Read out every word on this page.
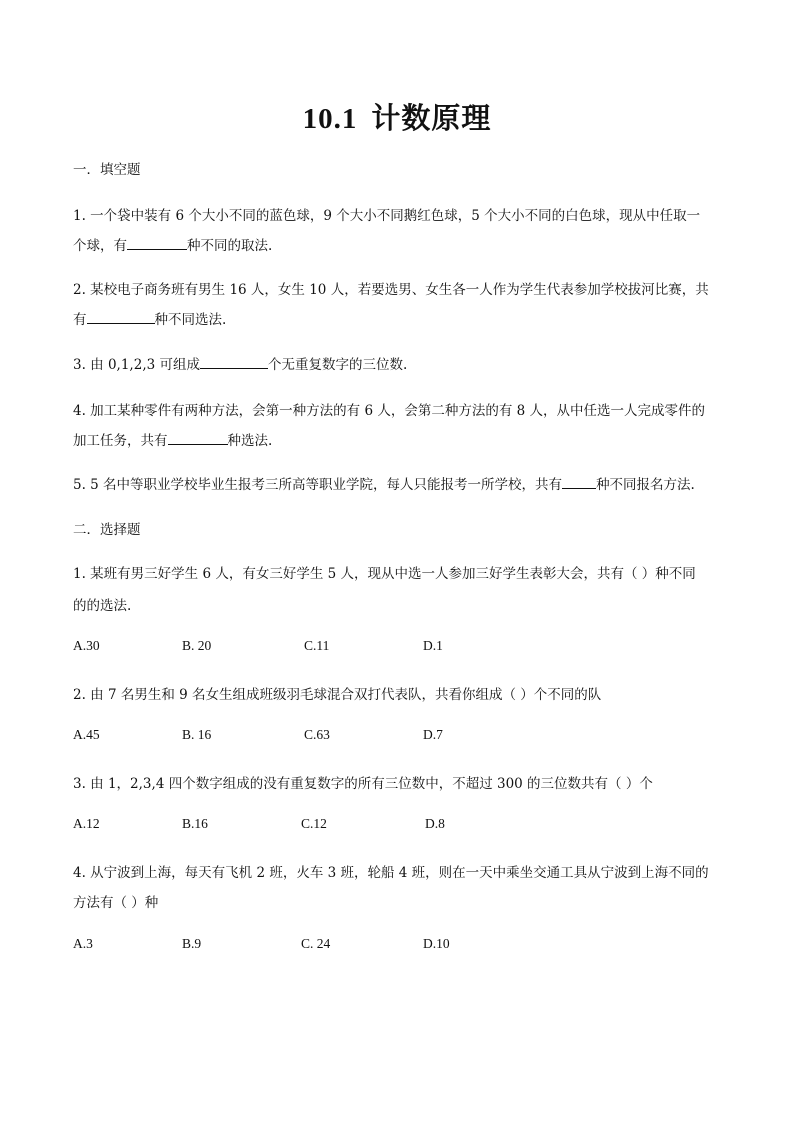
10.1 计数原理
一．填空题
1. 一个袋中装有 6 个大小不同的蓝色球，9 个大小不同鹅红色球，5 个大小不同的白色球，现从中任取一
个球，有	种不同的取法.
2. 某校电子商务班有男生 16 人，女生 10 人，若要选男、女生各一人作为学生代表参加学校拔河比赛，共
有	种不同选法.
3. 由 0,1,2,3 可组成	个无重复数字的三位数.
4. 加工某种零件有两种方法，会第一种方法的有 6 人，会第二种方法的有 8 人，从中任选一人完成零件的
加工任务，共有	种选法.
5. 5 名中等职业学校毕业生报考三所高等职业学院，每人只能报考一所学校，共有	种不同报名方法.
二．选择题
1. 某班有男三好学生 6 人，有女三好学生 5 人，现从中选一人参加三好学生表彰大会，共有（ ）种不同
的的选法.
A.30	B. 20	C.11	D.1
2. 由 7 名男生和 9 名女生组成班级羽毛球混合双打代表队，共看你组成（ ）个不同的队
A.45	B. 16	C.63	D.7
3. 由 1，2,3,4 四个数字组成的没有重复数字的所有三位数中，不超过 300 的三位数共有（ ）个
A.12	B.16	C.12	D.8
4. 从宁波到上海，每天有飞机 2 班，火车 3 班，轮船 4 班，则在一天中乘坐交通工具从宁波到上海不同的
方法有（ ）种
A.3	B.9	C. 24	D.10
